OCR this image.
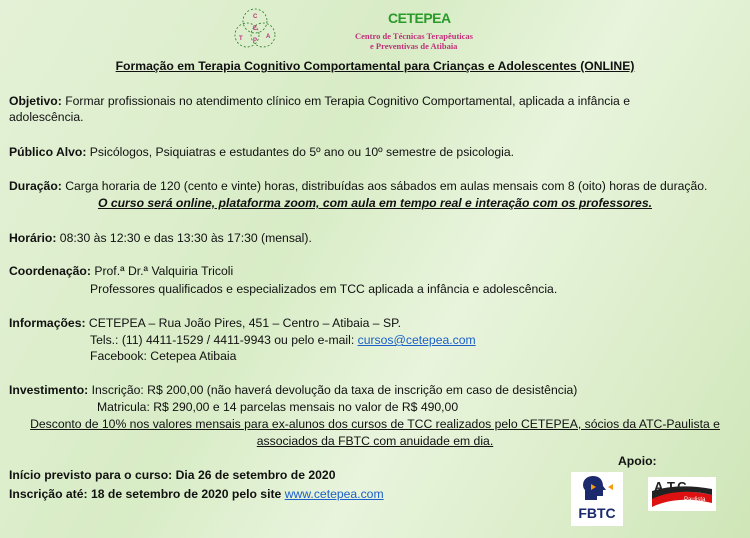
C
E
T P
A
CETEPEA
Centro de Técnicas Terapêuticas
e Preventivas de Atibaia
Formação em Terapia Cognitivo Comportamental para Crianças e Adolescentes (ONLINE)
Objetivo: Formar profissionais no atendimento clínico em Terapia Cognitivo Comportamental, aplicada a infância e
adolescência.
Público Alvo: Psicólogos, Psiquiatras e estudantes do 5º ano ou 10º semestre de psicologia.
Duração: Carga horaria de 120 (cento e vinte) horas, distribuídas aos sábados em aulas mensais com 8 (oito) horas de duração.
O curso será online, plataforma zoom, com aula em tempo real e interação com os professores.
Horário: 08:30 às 12:30 e das 13:30 às 17:30 (mensal).
Coordenação: Prof.ª Dr.ª Valquiria Tricoli
Professores qualificados e especializados em TCC aplicada a infância e adolescência.
Informações: CETEPEA – Rua João Pires, 451 – Centro – Atibaia – SP.
Tels.: (11) 4411-1529 / 4411-9943 ou pelo e-mail: cursos@cetepea.com
Facebook: Cetepea Atibaia
Investimento: Inscrição: R$ 200,00 (não haverá devolução da taxa de inscrição em caso de desistência)
Matricula: R$ 290,00 e 14 parcelas mensais no valor de R$ 490,00
Desconto de 10% nos valores mensais para ex-alunos dos cursos de TCC realizados pelo CETEPEA, sócios da ATC-Paulista e
associados da FBTC com anuidade em dia.
Início previsto para o curso: Dia 26 de setembro de 2020
Inscrição até: 18 de setembro de 2020 pelo site www.cetepea.com
Apoio:
FBTC
A.T.C
Paulista
